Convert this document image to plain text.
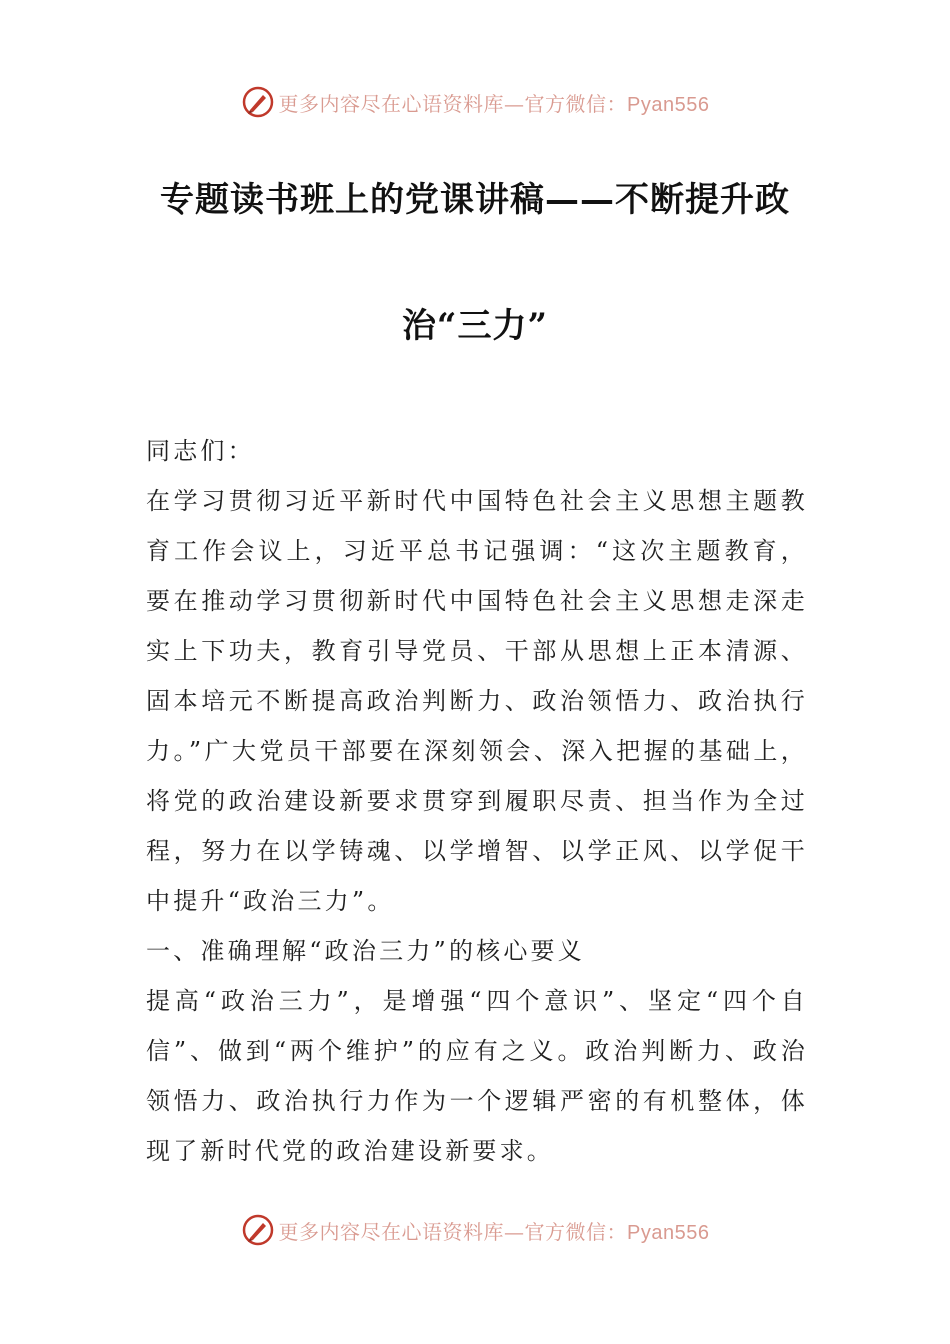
更多内容尽在心语资料库—官方微信：Pyan556
专题读书班上的党课讲稿——不断提升政
治“三力”

同志们：

在学习贯彻习近平新时代中国特色社会主义思想主题教育工作会议上，习近平总书记强调：“这次主题教育，要在推动学习贯彻新时代中国特色社会主义思想走深走实上下功夫，教育引导党员、干部从思想上正本清源、固本培元不断提高政治判断力、政治领悟力、政治执行力。”广大党员干部要在深刻领会、深入把握的基础上，将党的政治建设新要求贯穿到履职尽责、担当作为全过程，努力在以学铸魂、以学增智、以学正风、以学促干中提升“政治三力”。

一、准确理解“政治三力”的核心要义

提高“政治三力”，是增强“四个意识”、坚定“四个自信”、做到“两个维护”的应有之义。政治判断力、政治领悟力、政治执行力作为一个逻辑严密的有机整体，体现了新时代党的政治建设新要求。

更多内容尽在心语资料库—官方微信：Pyan556
